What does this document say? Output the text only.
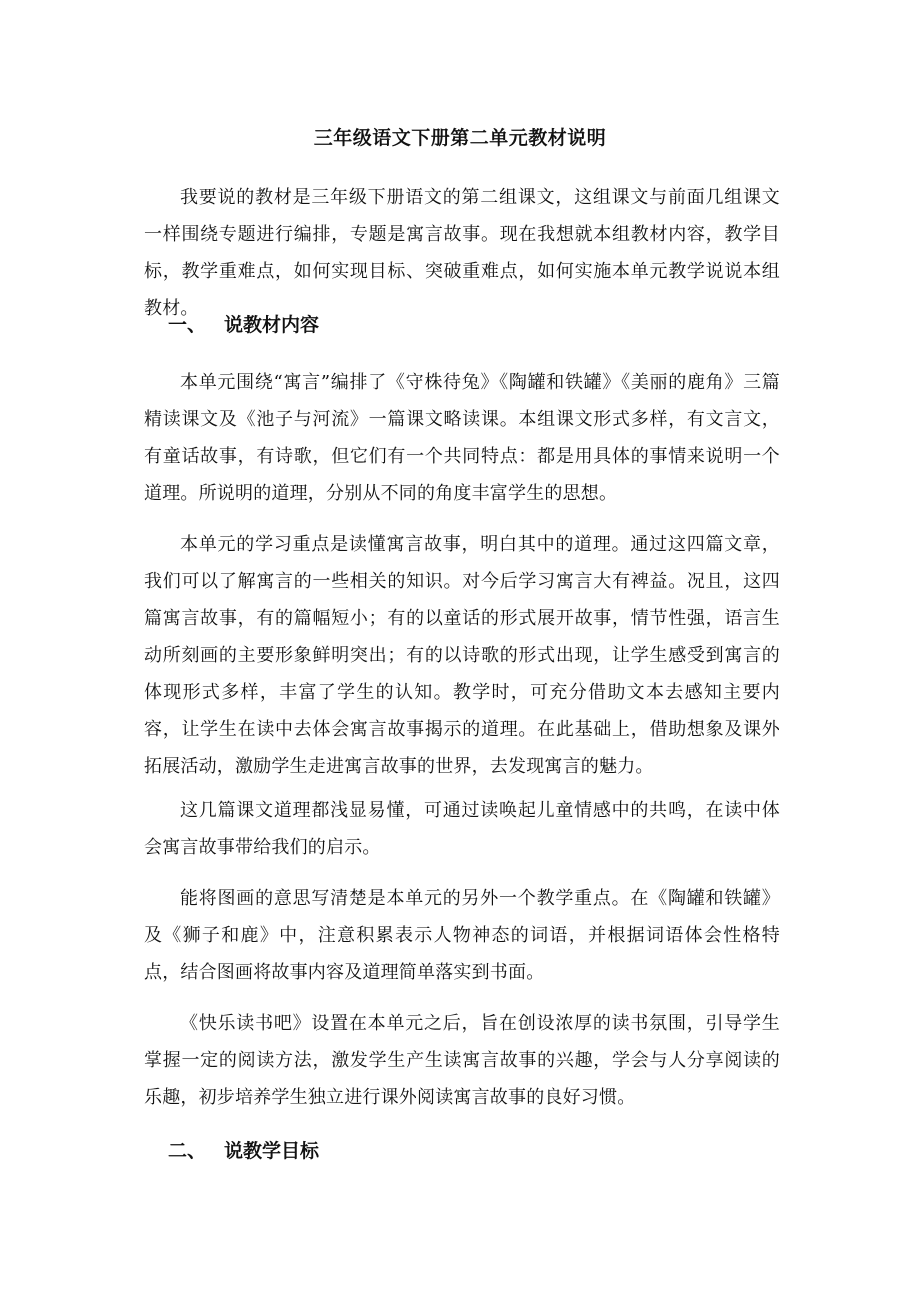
三年级语文下册第二单元教材说明

我要说的教材是三年级下册语文的第二组课文，这组课文与前面几组课文一样围绕专题进行编排，专题是寓言故事。现在我想就本组教材内容，教学目标，教学重难点，如何实现目标、突破重难点，如何实施本单元教学说说本组教材。

一、 说教材内容

本单元围绕“寓言”编排了《守株待兔》《陶罐和铁罐》《美丽的鹿角》三篇精读课文及《池子与河流》一篇课文略读课。本组课文形式多样，有文言文，有童话故事，有诗歌，但它们有一个共同特点：都是用具体的事情来说明一个道理。所说明的道理，分别从不同的角度丰富学生的思想。

本单元的学习重点是读懂寓言故事，明白其中的道理。通过这四篇文章，我们可以了解寓言的一些相关的知识。对今后学习寓言大有裨益。况且，这四篇寓言故事，有的篇幅短小；有的以童话的形式展开故事，情节性强，语言生动所刻画的主要形象鲜明突出；有的以诗歌的形式出现，让学生感受到寓言的体现形式多样，丰富了学生的认知。教学时，可充分借助文本去感知主要内容，让学生在读中去体会寓言故事揭示的道理。在此基础上，借助想象及课外拓展活动，激励学生走进寓言故事的世界，去发现寓言的魅力。

这几篇课文道理都浅显易懂，可通过读唤起儿童情感中的共鸣，在读中体会寓言故事带给我们的启示。

能将图画的意思写清楚是本单元的另外一个教学重点。在《陶罐和铁罐》及《狮子和鹿》中，注意积累表示人物神态的词语，并根据词语体会性格特点，结合图画将故事内容及道理简单落实到书面。

《快乐读书吧》设置在本单元之后，旨在创设浓厚的读书氛围，引导学生掌握一定的阅读方法，激发学生产生读寓言故事的兴趣，学会与人分享阅读的乐趣，初步培养学生独立进行课外阅读寓言故事的良好习惯。

二、 说教学目标
